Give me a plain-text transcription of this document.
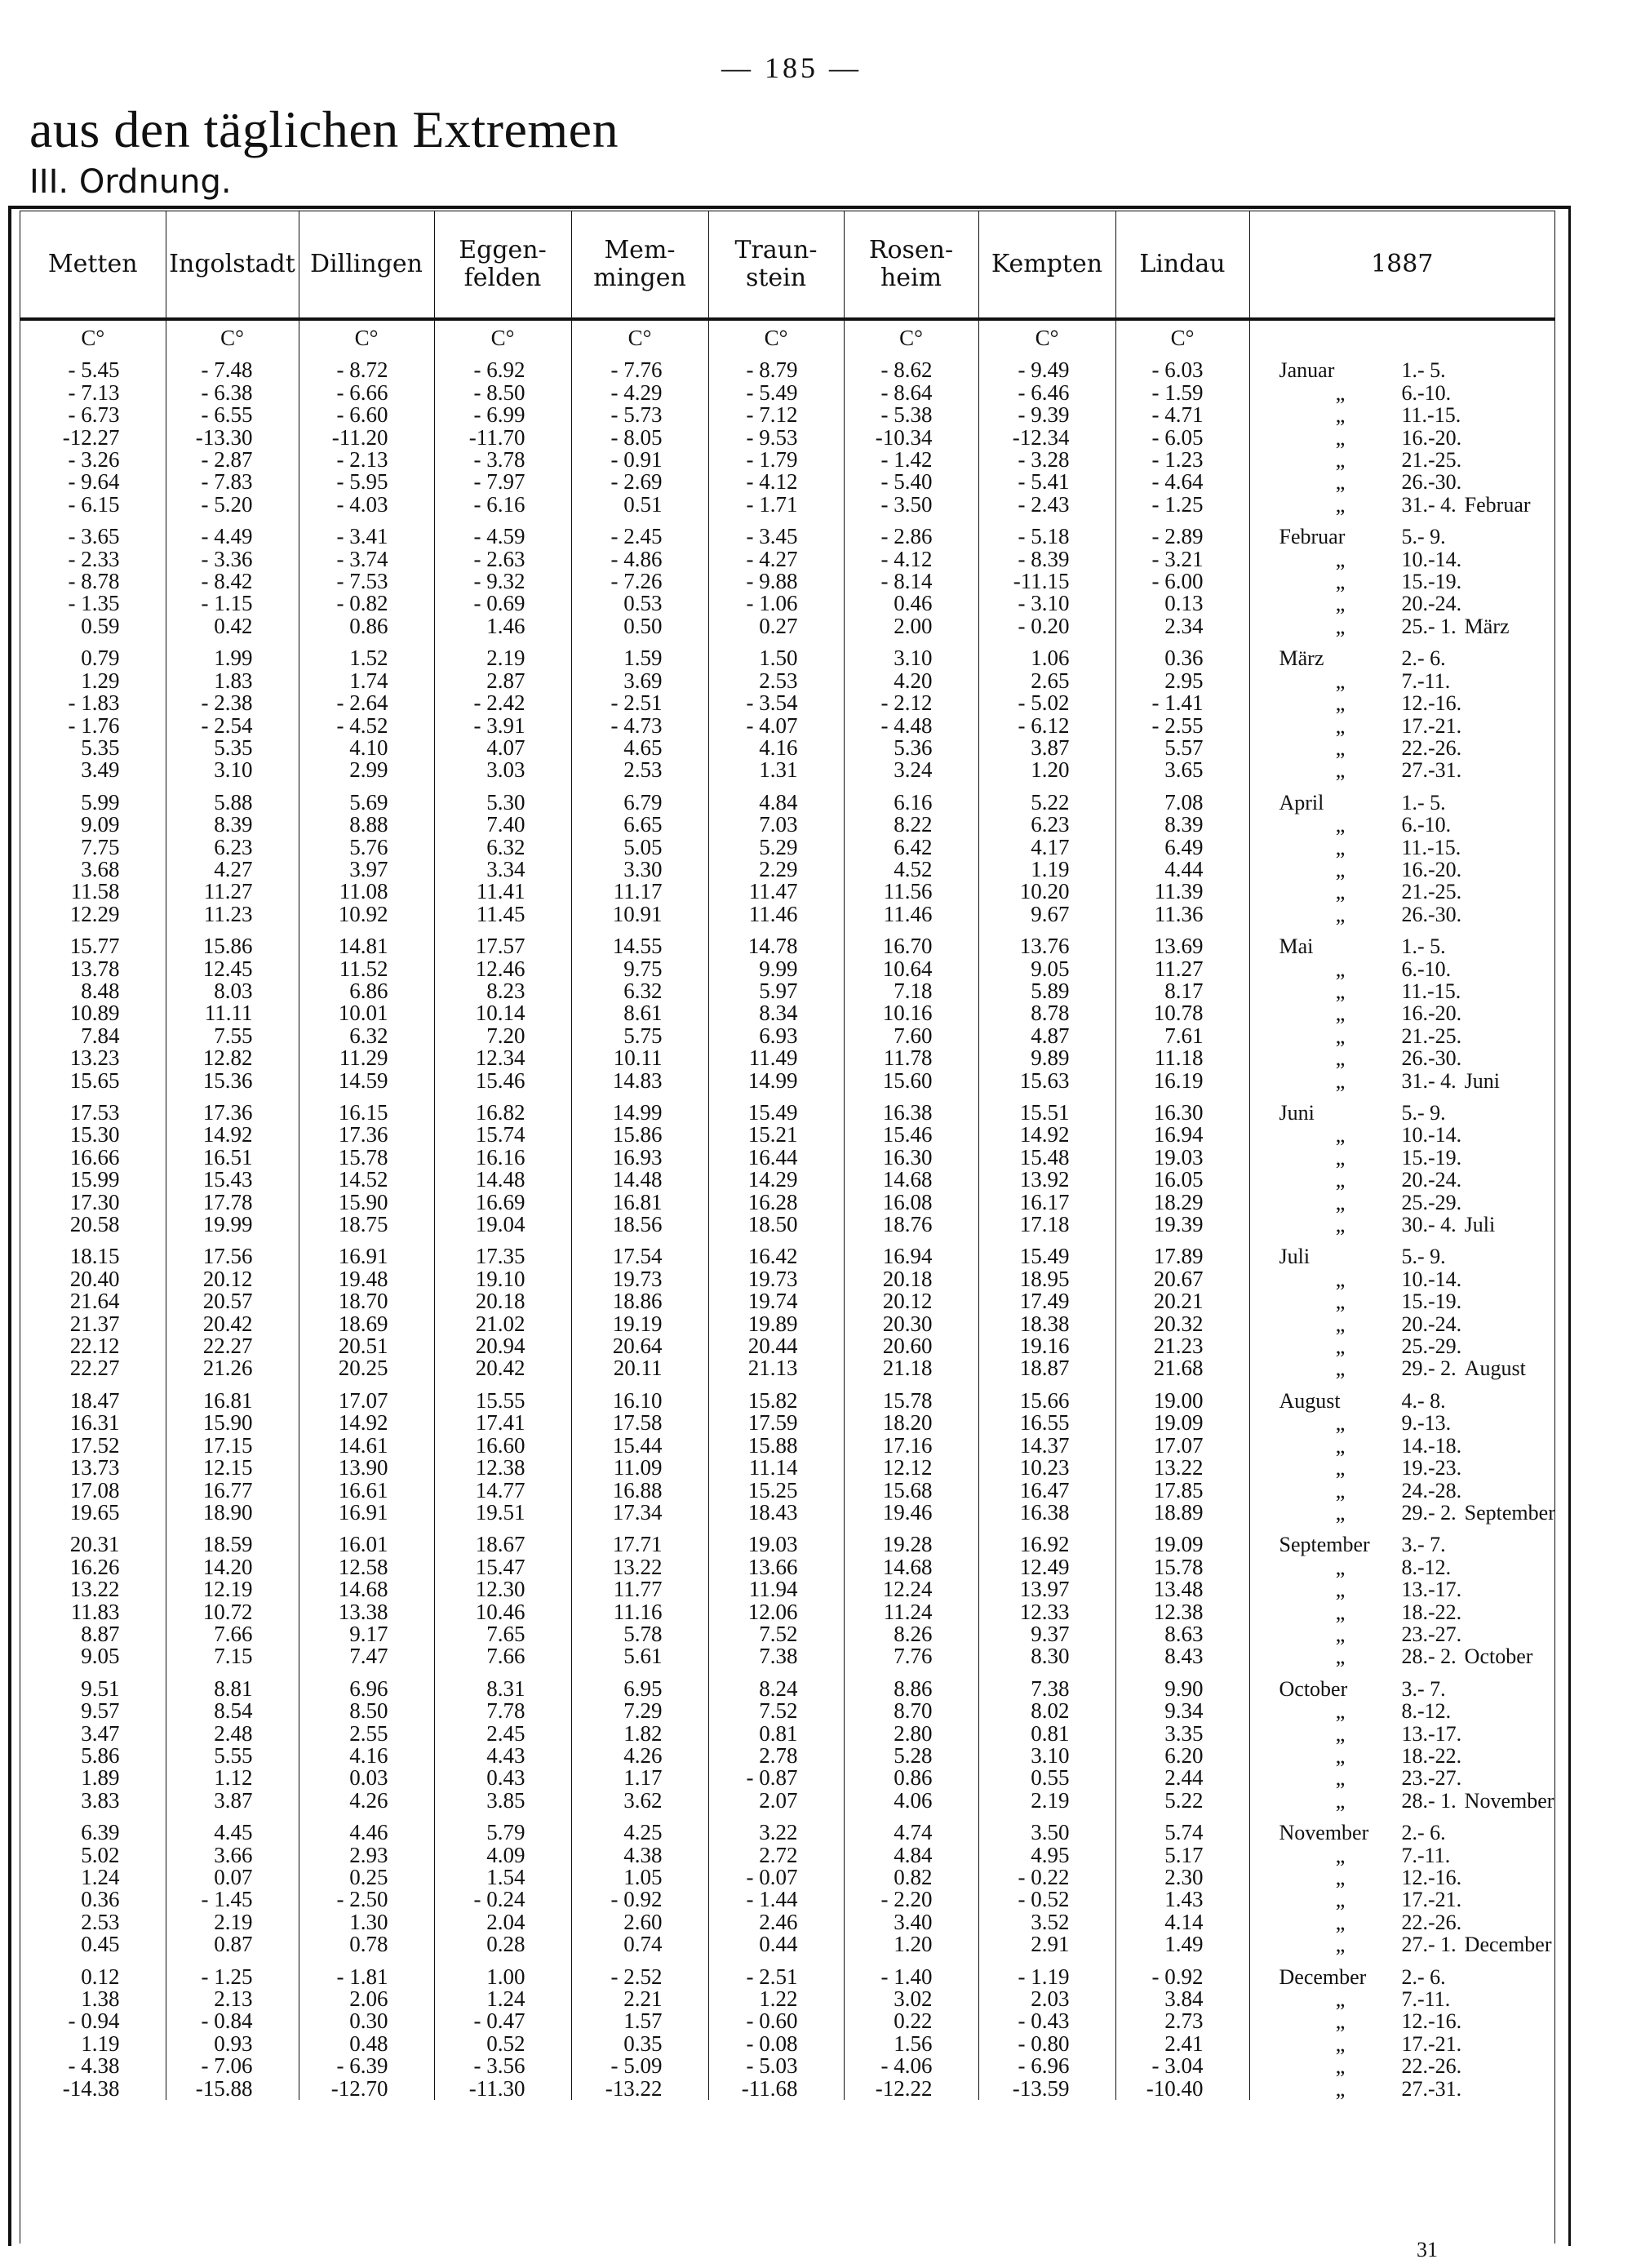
— 185 —
aus den täglichen Extremen
III. Ordnung.
Metten	Ingolstadt	Dillingen	Eggen-
felden	Mem-
mingen	Traun-
stein	Rosen-
heim	Kempten	Lindau	1887

C°	C°	C°	C°	C°	C°	C°	C°	C°	

- 5.45	- 7.48	- 8.72	- 6.92	- 7.76	- 8.79	- 8.62	- 9.49	- 6.03	Januar 1.- 5.
- 7.13	- 6.38	- 6.66	- 8.50	- 4.29	- 5.49	- 8.64	- 6.46	- 1.59	„ 6.-10.
- 6.73	- 6.55	- 6.60	- 6.99	- 5.73	- 7.12	- 5.38	- 9.39	- 4.71	„ 11.-15.
-12.27	-13.30	-11.20	-11.70	- 8.05	- 9.53	-10.34	-12.34	- 6.05	„ 16.-20.
- 3.26	- 2.87	- 2.13	- 3.78	- 0.91	- 1.79	- 1.42	- 3.28	- 1.23	„ 21.-25.
- 9.64	- 7.83	- 5.95	- 7.97	- 2.69	- 4.12	- 5.40	- 5.41	- 4.64	„ 26.-30.
- 6.15	- 5.20	- 4.03	- 6.16	0.51	- 1.71	- 3.50	- 2.43	- 1.25	„ 31.- 4. Februar

- 3.65	- 4.49	- 3.41	- 4.59	- 2.45	- 3.45	- 2.86	- 5.18	- 2.89	Februar 5.- 9.
- 2.33	- 3.36	- 3.74	- 2.63	- 4.86	- 4.27	- 4.12	- 8.39	- 3.21	„ 10.-14.
- 8.78	- 8.42	- 7.53	- 9.32	- 7.26	- 9.88	- 8.14	-11.15	- 6.00	„ 15.-19.
- 1.35	- 1.15	- 0.82	- 0.69	0.53	- 1.06	0.46	- 3.10	0.13	„ 20.-24.
0.59	0.42	0.86	1.46	0.50	0.27	2.00	- 0.20	2.34	„ 25.- 1. März

0.79	1.99	1.52	2.19	1.59	1.50	3.10	1.06	0.36	März 2.- 6.
1.29	1.83	1.74	2.87	3.69	2.53	4.20	2.65	2.95	„ 7.-11.
- 1.83	- 2.38	- 2.64	- 2.42	- 2.51	- 3.54	- 2.12	- 5.02	- 1.41	„ 12.-16.
- 1.76	- 2.54	- 4.52	- 3.91	- 4.73	- 4.07	- 4.48	- 6.12	- 2.55	„ 17.-21.
5.35	5.35	4.10	4.07	4.65	4.16	5.36	3.87	5.57	„ 22.-26.
3.49	3.10	2.99	3.03	2.53	1.31	3.24	1.20	3.65	„ 27.-31.

5.99	5.88	5.69	5.30	6.79	4.84	6.16	5.22	7.08	April 1.- 5.
9.09	8.39	8.88	7.40	6.65	7.03	8.22	6.23	8.39	„ 6.-10.
7.75	6.23	5.76	6.32	5.05	5.29	6.42	4.17	6.49	„ 11.-15.
3.68	4.27	3.97	3.34	3.30	2.29	4.52	1.19	4.44	„ 16.-20.
11.58	11.27	11.08	11.41	11.17	11.47	11.56	10.20	11.39	„ 21.-25.
12.29	11.23	10.92	11.45	10.91	11.46	11.46	9.67	11.36	„ 26.-30.

15.77	15.86	14.81	17.57	14.55	14.78	16.70	13.76	13.69	Mai 1.- 5.
13.78	12.45	11.52	12.46	9.75	9.99	10.64	9.05	11.27	„ 6.-10.
8.48	8.03	6.86	8.23	6.32	5.97	7.18	5.89	8.17	„ 11.-15.
10.89	11.11	10.01	10.14	8.61	8.34	10.16	8.78	10.78	„ 16.-20.
7.84	7.55	6.32	7.20	5.75	6.93	7.60	4.87	7.61	„ 21.-25.
13.23	12.82	11.29	12.34	10.11	11.49	11.78	9.89	11.18	„ 26.-30.
15.65	15.36	14.59	15.46	14.83	14.99	15.60	15.63	16.19	„ 31.- 4. Juni

17.53	17.36	16.15	16.82	14.99	15.49	16.38	15.51	16.30	Juni 5.- 9.
15.30	14.92	17.36	15.74	15.86	15.21	15.46	14.92	16.94	„ 10.-14.
16.66	16.51	15.78	16.16	16.93	16.44	16.30	15.48	19.03	„ 15.-19.
15.99	15.43	14.52	14.48	14.48	14.29	14.68	13.92	16.05	„ 20.-24.
17.30	17.78	15.90	16.69	16.81	16.28	16.08	16.17	18.29	„ 25.-29.
20.58	19.99	18.75	19.04	18.56	18.50	18.76	17.18	19.39	„ 30.- 4. Juli

18.15	17.56	16.91	17.35	17.54	16.42	16.94	15.49	17.89	Juli 5.- 9.
20.40	20.12	19.48	19.10	19.73	19.73	20.18	18.95	20.67	„ 10.-14.
21.64	20.57	18.70	20.18	18.86	19.74	20.12	17.49	20.21	„ 15.-19.
21.37	20.42	18.69	21.02	19.19	19.89	20.30	18.38	20.32	„ 20.-24.
22.12	22.27	20.51	20.94	20.64	20.44	20.60	19.16	21.23	„ 25.-29.
22.27	21.26	20.25	20.42	20.11	21.13	21.18	18.87	21.68	„ 29.- 2. August

18.47	16.81	17.07	15.55	16.10	15.82	15.78	15.66	19.00	August 4.- 8.
16.31	15.90	14.92	17.41	17.58	17.59	18.20	16.55	19.09	„ 9.-13.
17.52	17.15	14.61	16.60	15.44	15.88	17.16	14.37	17.07	„ 14.-18.
13.73	12.15	13.90	12.38	11.09	11.14	12.12	10.23	13.22	„ 19.-23.
17.08	16.77	16.61	14.77	16.88	15.25	15.68	16.47	17.85	„ 24.-28.
19.65	18.90	16.91	19.51	17.34	18.43	19.46	16.38	18.89	„ 29.- 2. September

20.31	18.59	16.01	18.67	17.71	19.03	19.28	16.92	19.09	September 3.- 7.
16.26	14.20	12.58	15.47	13.22	13.66	14.68	12.49	15.78	„ 8.-12.
13.22	12.19	14.68	12.30	11.77	11.94	12.24	13.97	13.48	„ 13.-17.
11.83	10.72	13.38	10.46	11.16	12.06	11.24	12.33	12.38	„ 18.-22.
8.87	7.66	9.17	7.65	5.78	7.52	8.26	9.37	8.63	„ 23.-27.
9.05	7.15	7.47	7.66	5.61	7.38	7.76	8.30	8.43	„ 28.- 2. October

9.51	8.81	6.96	8.31	6.95	8.24	8.86	7.38	9.90	October 3.- 7.
9.57	8.54	8.50	7.78	7.29	7.52	8.70	8.02	9.34	„ 8.-12.
3.47	2.48	2.55	2.45	1.82	0.81	2.80	0.81	3.35	„ 13.-17.
5.86	5.55	4.16	4.43	4.26	2.78	5.28	3.10	6.20	„ 18.-22.
1.89	1.12	0.03	0.43	1.17	- 0.87	0.86	0.55	2.44	„ 23.-27.
3.83	3.87	4.26	3.85	3.62	2.07	4.06	2.19	5.22	„ 28.- 1. November

6.39	4.45	4.46	5.79	4.25	3.22	4.74	3.50	5.74	November 2.- 6.
5.02	3.66	2.93	4.09	4.38	2.72	4.84	4.95	5.17	„ 7.-11.
1.24	0.07	0.25	1.54	1.05	- 0.07	0.82	- 0.22	2.30	„ 12.-16.
0.36	- 1.45	- 2.50	- 0.24	- 0.92	- 1.44	- 2.20	- 0.52	1.43	„ 17.-21.
2.53	2.19	1.30	2.04	2.60	2.46	3.40	3.52	4.14	„ 22.-26.
0.45	0.87	0.78	0.28	0.74	0.44	1.20	2.91	1.49	„ 27.- 1. December

0.12	- 1.25	- 1.81	1.00	- 2.52	- 2.51	- 1.40	- 1.19	- 0.92	December 2.- 6.
1.38	2.13	2.06	1.24	2.21	1.22	3.02	2.03	3.84	„ 7.-11.
- 0.94	- 0.84	0.30	- 0.47	1.57	- 0.60	0.22	- 0.43	2.73	„ 12.-16.
1.19	0.93	0.48	0.52	0.35	- 0.08	1.56	- 0.80	2.41	„ 17.-21.
- 4.38	- 7.06	- 6.39	- 3.56	- 5.09	- 5.03	- 4.06	- 6.96	- 3.04	„ 22.-26.
-14.38	-15.88	-12.70	-11.30	-13.22	-11.68	-12.22	-13.59	-10.40	„ 27.-31.
31
